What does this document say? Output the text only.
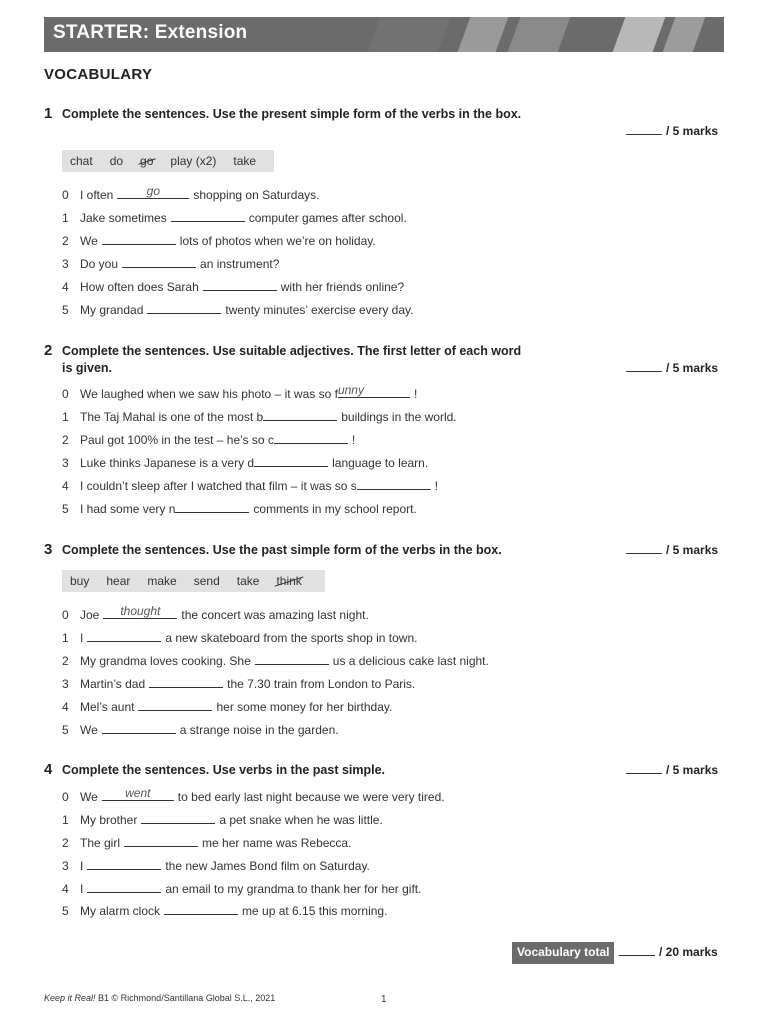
STARTER: Extension
VOCABULARY
1 Complete the sentences. Use the present simple form of the verbs in the box.
/ 5 marks
chat do go play (x2) take
0 I often	go	shopping on Saturdays.
1 Jake sometimes	computer games after school.
2 We	lots of photos when we’re on holiday.
3 Do you	an instrument?
4 How often does Sarah	with her friends online?
5 My grandad	twenty minutes’ exercise every day.
2 Complete the sentences. Use suitable adjectives. The first letter of each word is given.	/ 5 marks
0 We laughed when we saw his photo – it was so f unny	!
1 The Taj Mahal is one of the most b	buildings in the world.
2 Paul got 100% in the test – he’s so c	!
3 Luke thinks Japanese is a very d	language to learn.
4 I couldn’t sleep after I watched that film – it was so s	!
5 I had some very n	comments in my school report.
3 Complete the sentences. Use the past simple form of the verbs in the box.	/ 5 marks
buy hear make send take think
0 Joe	thought	the concert was amazing last night.
1 I	a new skateboard from the sports shop in town.
2 My grandma loves cooking. She	us a delicious cake last night.
3 Martin’s dad	the 7.30 train from London to Paris.
4 Mel’s aunt	her some money for her birthday.
5 We	a strange noise in the garden.
4 Complete the sentences. Use verbs in the past simple.	/ 5 marks
0 We	went	to bed early last night because we were very tired.
1 My brother	a pet snake when he was little.
2 The girl	me her name was Rebecca.
3 I	the new James Bond film on Saturday.
4 I	an email to my grandma to thank her for her gift.
5 My alarm clock	me up at 6.15 this morning.
Vocabulary total	/ 20 marks
Keep it Real! B1 © Richmond/Santillana Global S.L., 2021	1
